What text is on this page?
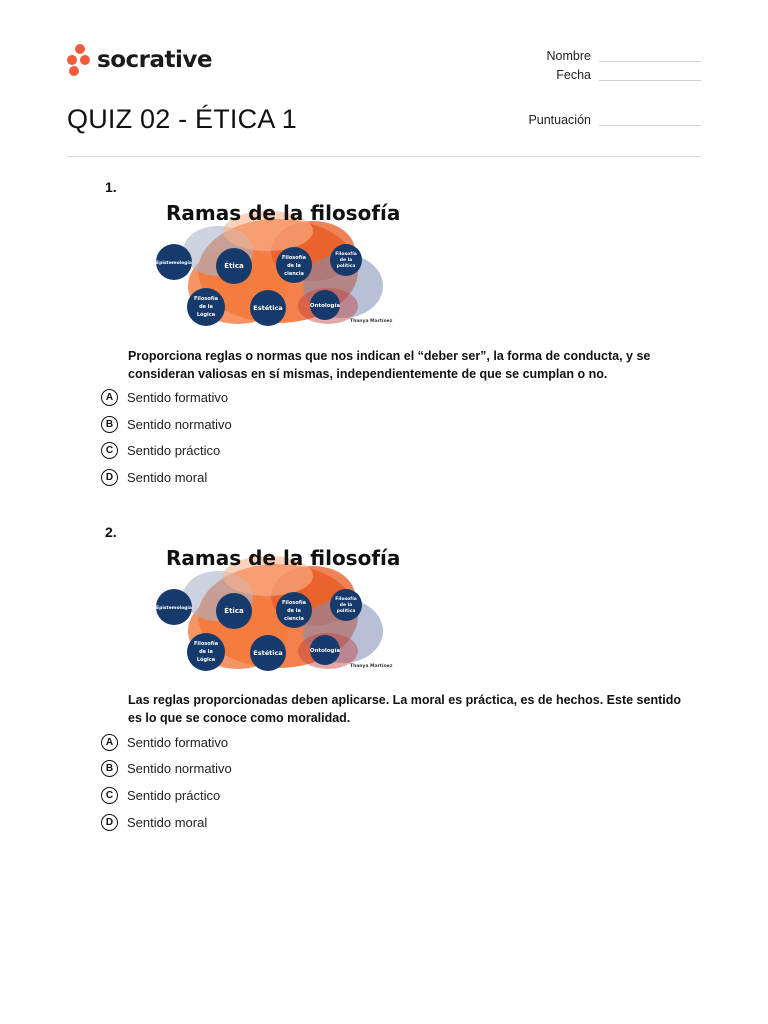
socrative	Nombre
Fecha
QUIZ 02 - ÉTICA 1	Puntuación
1.
Ramas de la filosofía
Epistemología	Ética
Filosofía
de la
ciencia
Filosofía
de la
política
Filosofía
de la
Lógica
Estética	Ontología
Thanya Martínez
Proporciona reglas o normas que nos indican el “deber ser”, la forma de conducta, y se consideran valiosas en sí mismas, independientemente de que se cumplan o no.
A	Sentido formativo
B	Sentido normativo
C	Sentido práctico
D	Sentido moral
2.
Ramas de la filosofía
Epistemología	Ética
Filosofía
de la
ciencia
Filosofía
de la
política
Filosofía
de la
Lógica
Estética	Ontología
Thanya Martínez
Las reglas proporcionadas deben aplicarse. La moral es práctica, es de hechos. Este sentido es lo que se conoce como moralidad.
A	Sentido formativo
B	Sentido normativo
C	Sentido práctico
D	Sentido moral
